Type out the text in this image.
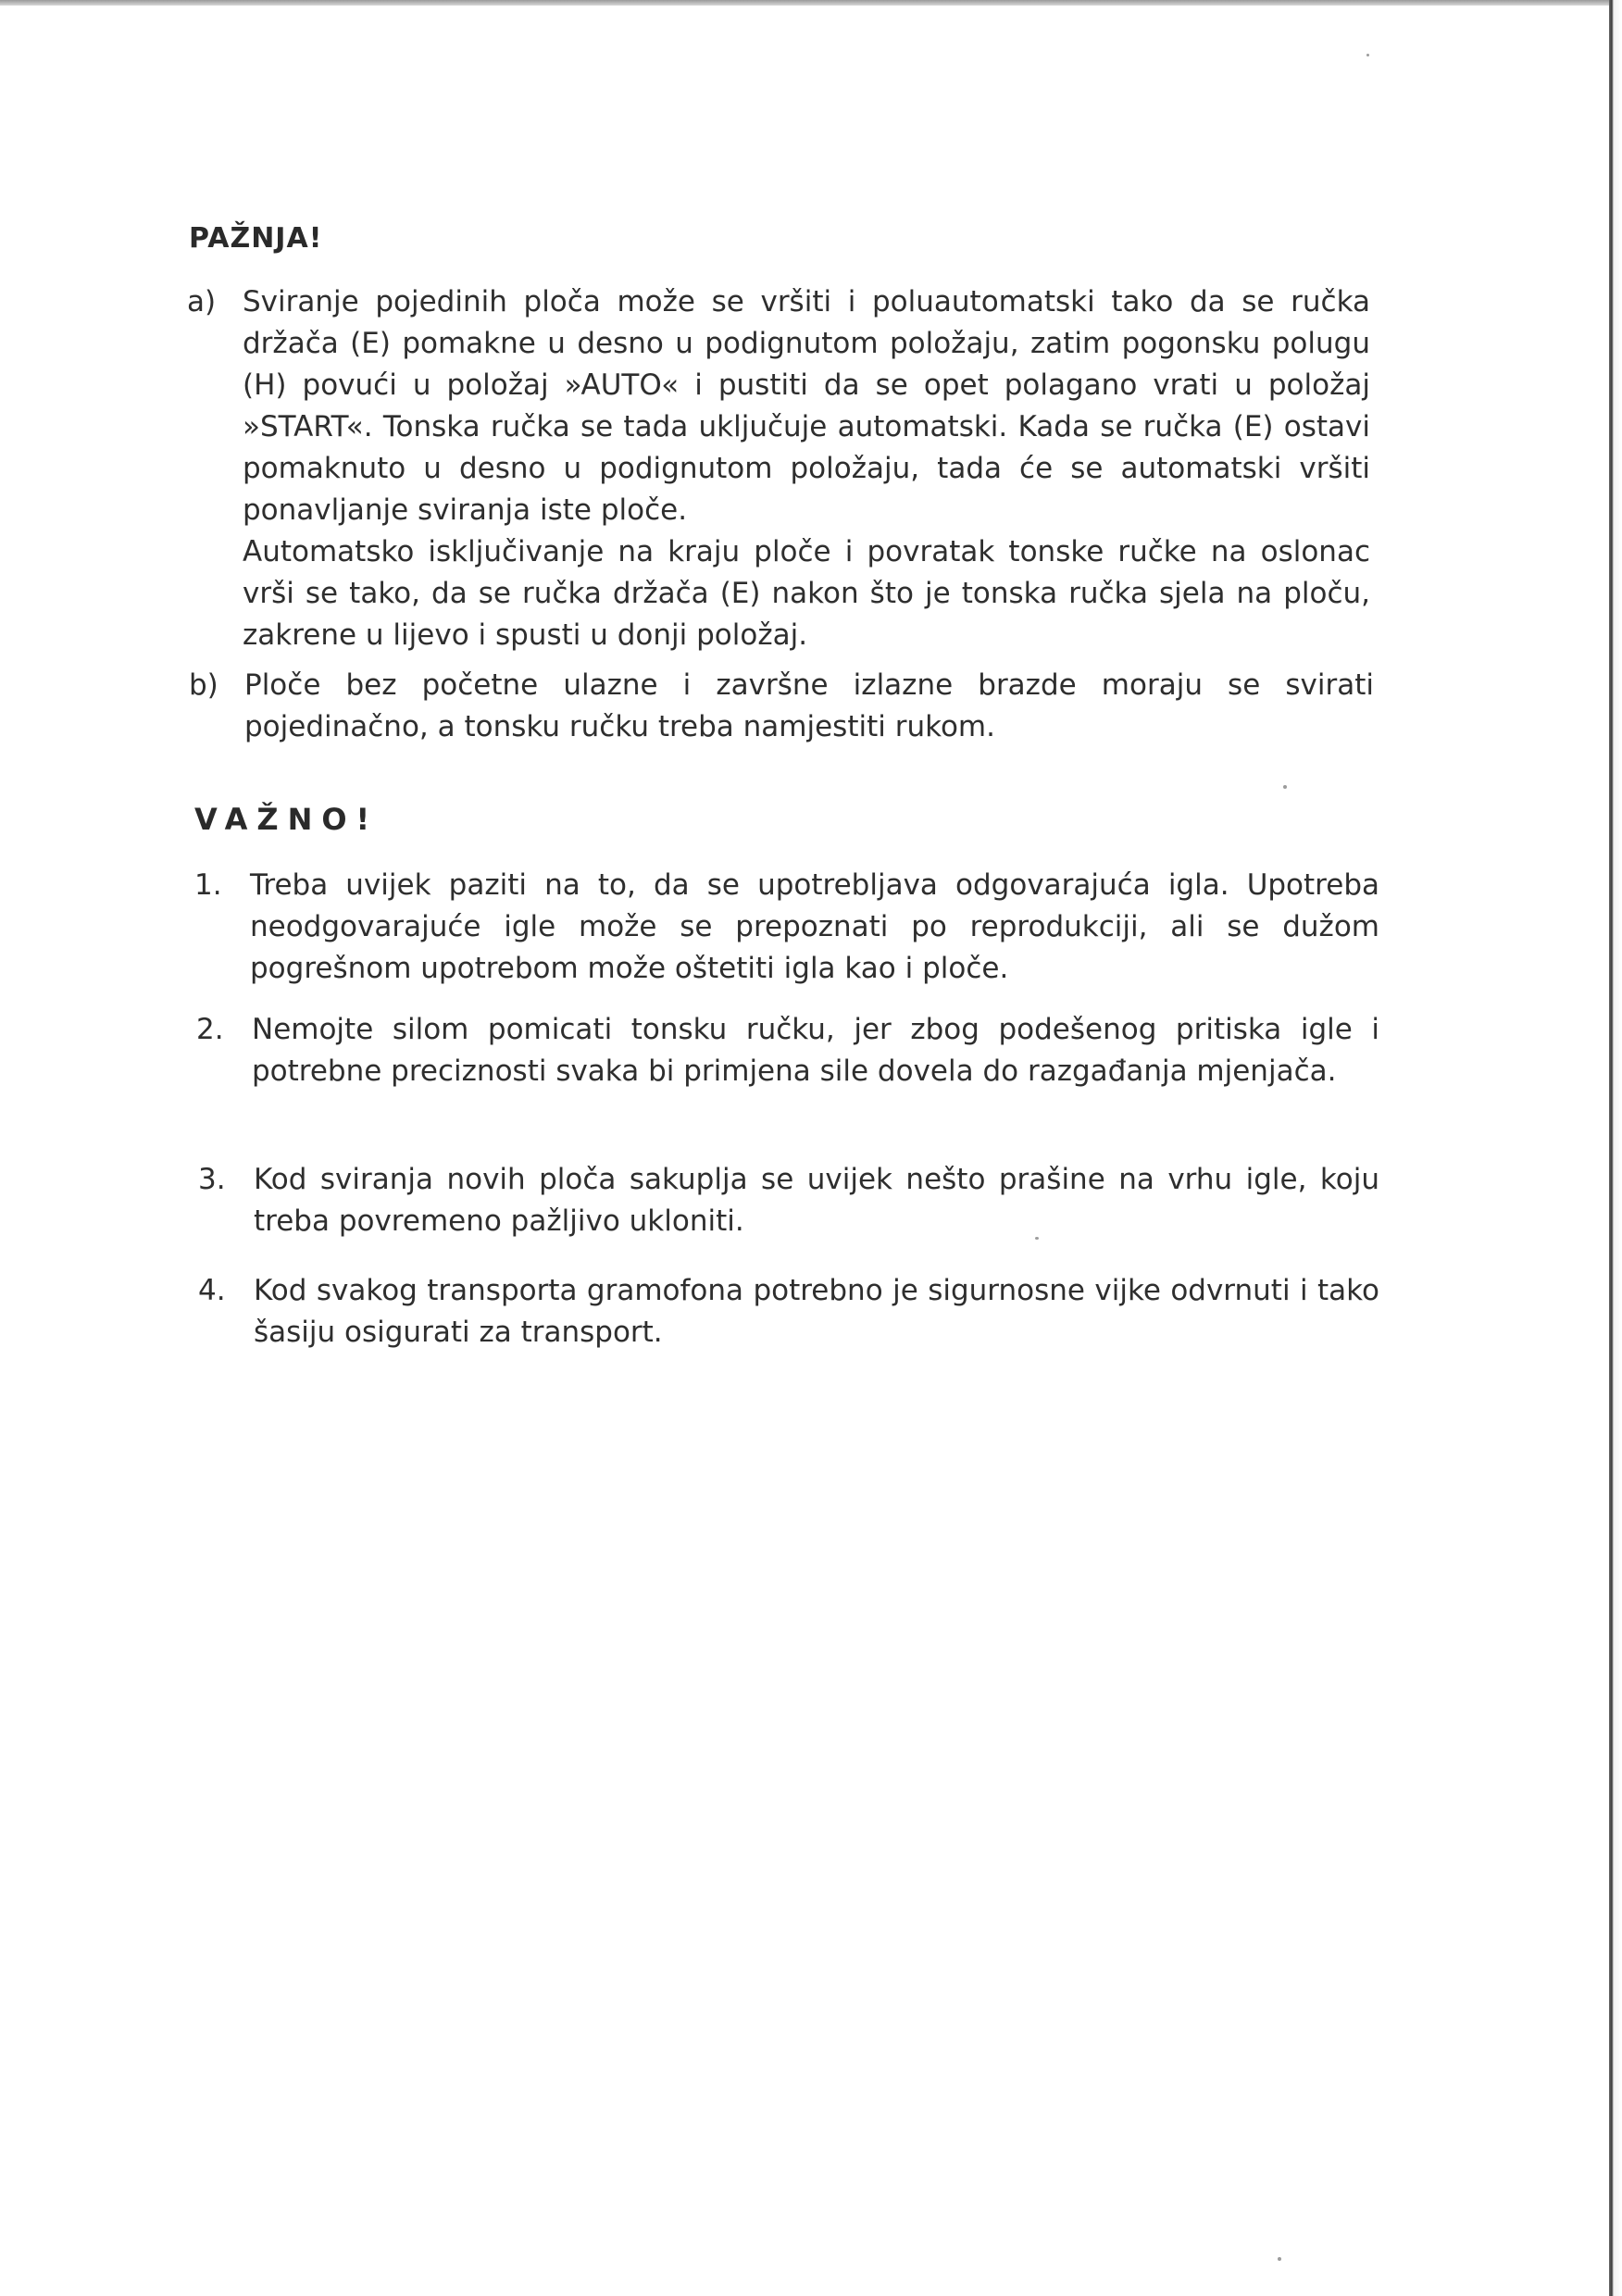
PAŽNJA!
a) Sviranje pojedinih ploča može se vršiti i poluautomatski tako da se ručka držača (E) pomakne u desno u podignutom položaju, zatim pogonsku polugu (H) povući u položaj »AUTO« i pustiti da se opet polagano vrati u položaj »START«. Tonska ručka se tada uključuje automatski. Kada se ručka (E) ostavi pomaknuto u desno u podignutom položaju, tada će se automatski vršiti ponavljanje sviranja iste ploče.

Automatsko isključivanje na kraju ploče i povratak tonske ručke na oslonac vrši se tako, da se ručka držača (E) nakon što je tonska ručka sjela na ploču, zakrene u lijevo i spusti u donji položaj.

b) Ploče bez početne ulazne i završne izlazne brazde moraju se svirati pojedinačno, a tonsku ručku treba namjestiti rukom.

VAŽNO!
1. Treba uvijek paziti na to, da se upotrebljava odgovarajuća igla. Upotreba neodgovarajuće igle može se prepoznati po reprodukciji, ali se dužom pogrešnom upotrebom može oštetiti igla kao i ploče.

2. Nemojte silom pomicati tonsku ručku, jer zbog podešenog pritiska igle i potrebne preciznosti svaka bi primjena sile dovela do razgađanja mjenjača.

3. Kod sviranja novih ploča sakuplja se uvijek nešto prašine na vrhu igle, koju treba povremeno pažljivo ukloniti.

4. Kod svakog transporta gramofona potrebno je sigurnosne vijke odvrnuti i tako šasiju osigurati za transport.
